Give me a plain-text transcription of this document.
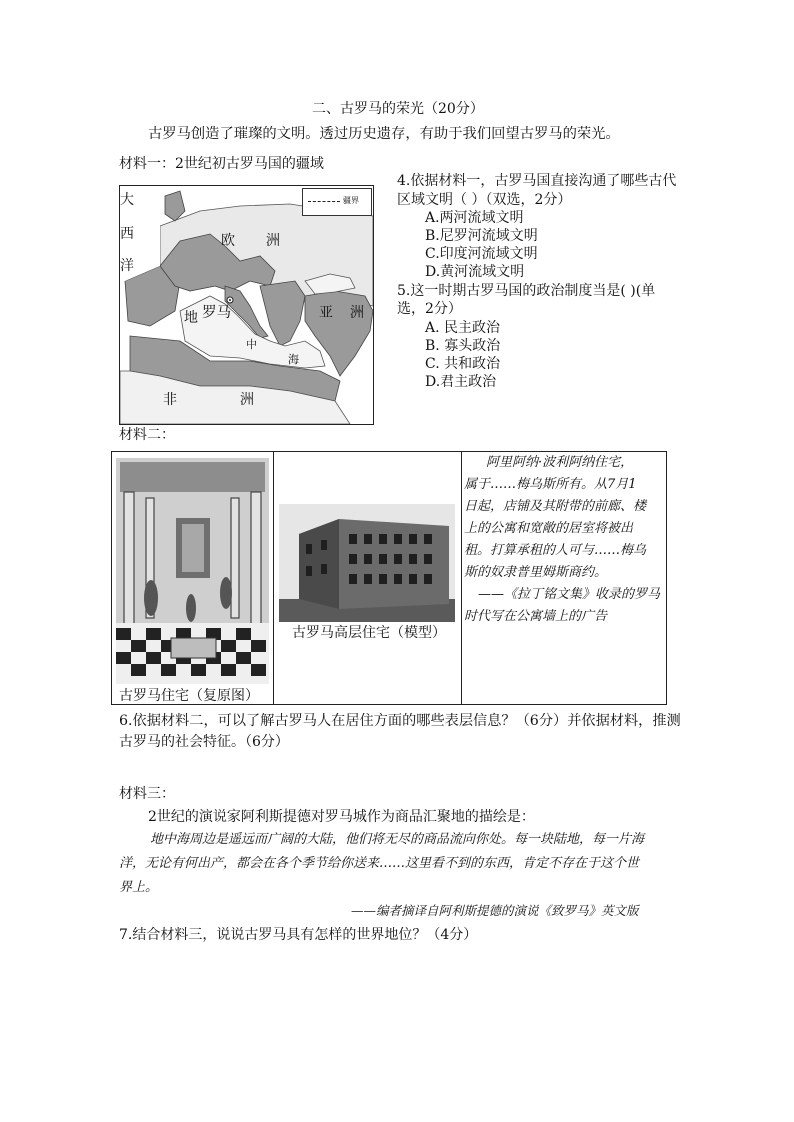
二、古罗马的荣光（20分）
古罗马创造了璀璨的文明。透过历史遗存，有助于我们回望古罗马的荣光。
材料一：2世纪初古罗马国的疆域
疆界
大
西
洋
欧 洲
地 罗马
中
海
亚 洲
非	洲
4.依据材料一，古罗马国直接沟通了哪些古代
区域文明（ ）（双选，2分）
A.两河流域文明
B.尼罗河流域文明
C.印度河流域文明
D.黄河流域文明
5.这一时期古罗马国的政治制度当是( )(单
选，2分）
A. 民主政治
B. 寡头政治
C. 共和政治
D.君主政治
材料二：
古罗马住宅（复原图）
古罗马高层住宅（模型）
阿里阿纳·波利阿纳住宅，
属于……梅乌斯所有。从7月1
日起，店铺及其附带的前廊、楼
上的公寓和宽敞的居室将被出
租。打算承租的人可与……梅乌
斯的奴隶普里姆斯商约。
——《拉丁铭文集》收录的罗马
时代写在公寓墙上的广告
6.依据材料二，可以了解古罗马人在居住方面的哪些表层信息？（6分）并依据材料，推测
古罗马的社会特征。（6分）
材料三：
2世纪的演说家阿利斯提德对罗马城作为商品汇聚地的描绘是：
地中海周边是遥远而广阔的大陆，他们将无尽的商品流向你处。每一块陆地，每一片海
洋，无论有何出产，都会在各个季节给你送来……这里看不到的东西，肯定不存在于这个世
界上。
——编者摘译自阿利斯提德的演说《致罗马》英文版
7.结合材料三，说说古罗马具有怎样的世界地位？（4分）
